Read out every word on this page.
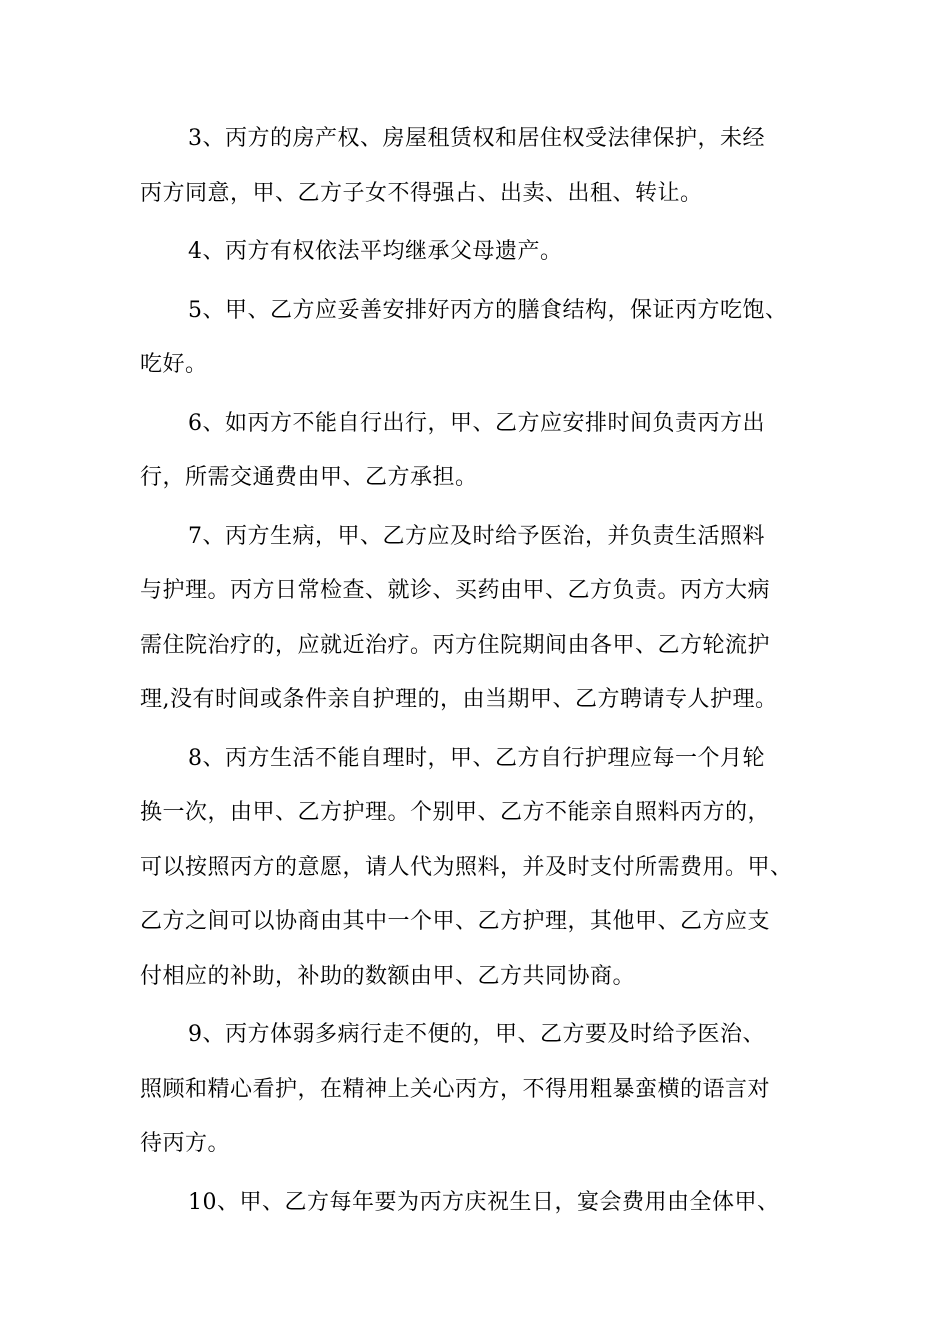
3、丙方的房产权、房屋租赁权和居住权受法律保护，未经
丙方同意，甲、乙方子女不得强占、出卖、出租、转让。

4、丙方有权依法平均继承父母遗产。

5、甲、乙方应妥善安排好丙方的膳食结构，保证丙方吃饱、
吃好。

6、如丙方不能自行出行，甲、乙方应安排时间负责丙方出
行，所需交通费由甲、乙方承担。

7、丙方生病，甲、乙方应及时给予医治，并负责生活照料
与护理。丙方日常检查、就诊、买药由甲、乙方负责。丙方大病
需住院治疗的，应就近治疗。丙方住院期间由各甲、乙方轮流护
理,没有时间或条件亲自护理的，由当期甲、乙方聘请专人护理。

8、丙方生活不能自理时，甲、乙方自行护理应每一个月轮
换一次，由甲、乙方护理。个别甲、乙方不能亲自照料丙方的，
可以按照丙方的意愿，请人代为照料，并及时支付所需费用。甲、
乙方之间可以协商由其中一个甲、乙方护理，其他甲、乙方应支
付相应的补助，补助的数额由甲、乙方共同协商。

9、丙方体弱多病行走不便的，甲、乙方要及时给予医治、
照顾和精心看护，在精神上关心丙方，不得用粗暴蛮横的语言对
待丙方。

10、甲、乙方每年要为丙方庆祝生日，宴会费用由全体甲、
